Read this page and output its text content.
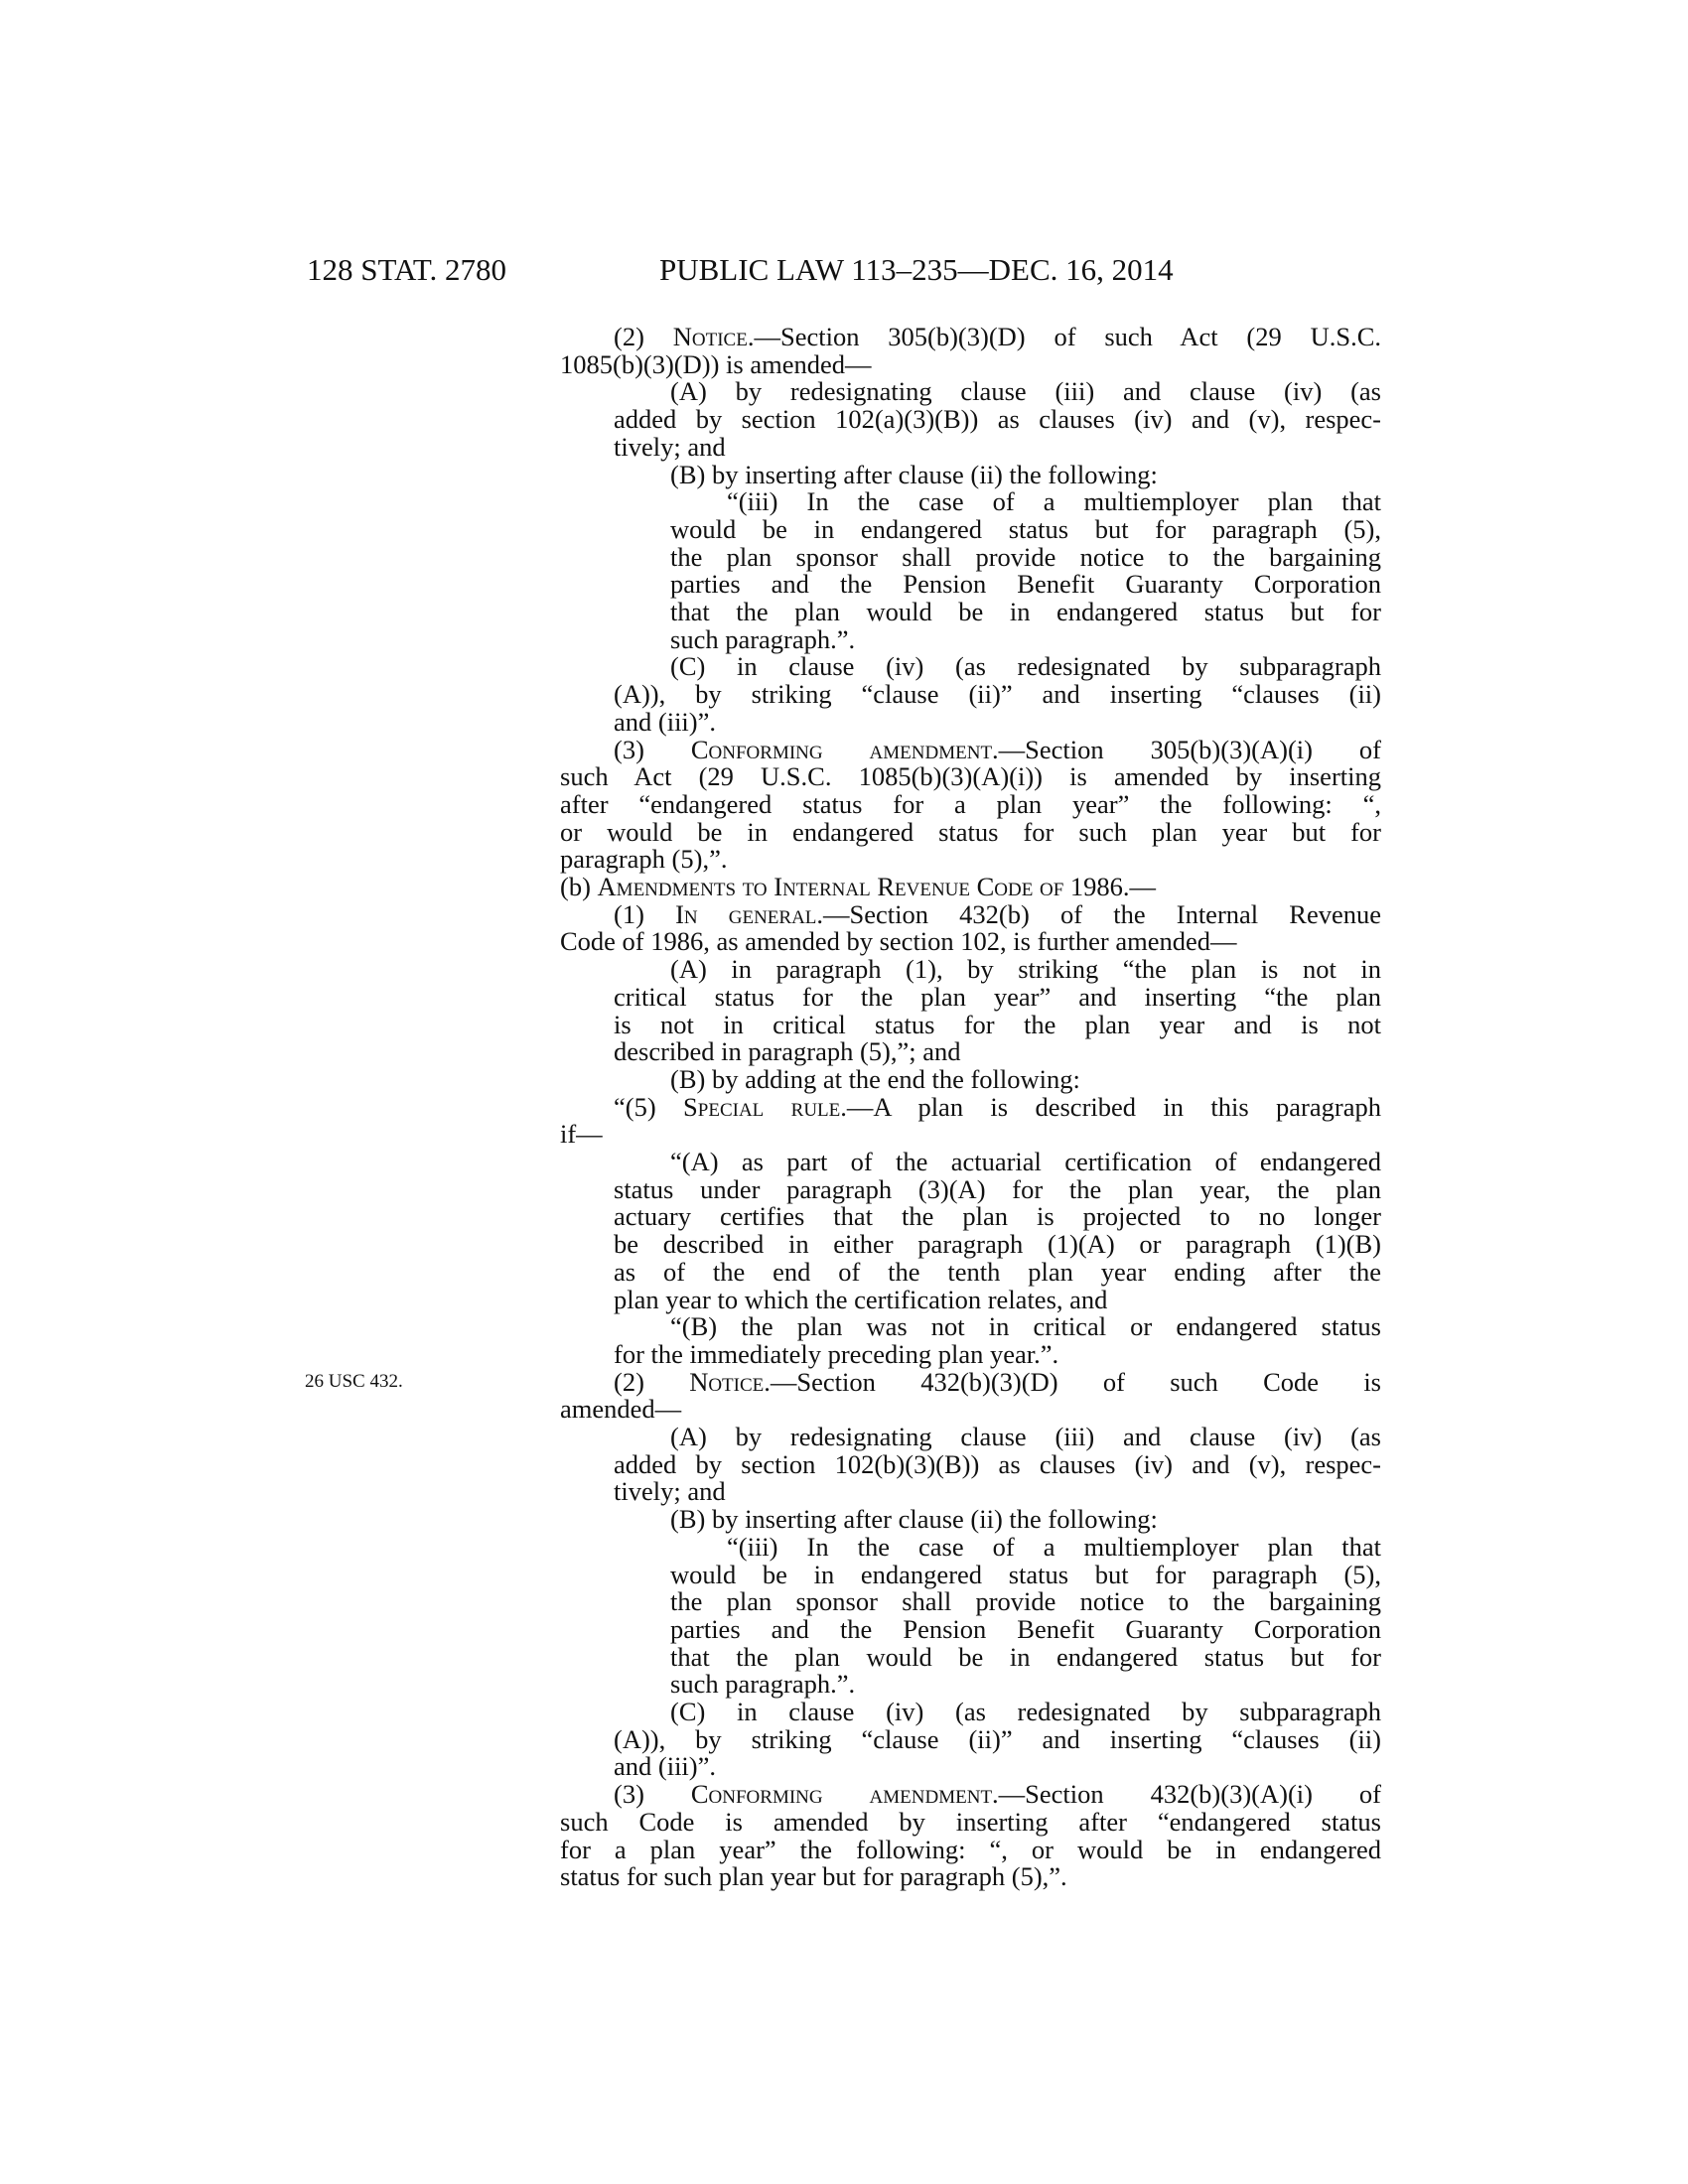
128 STAT. 2780	PUBLIC LAW 113–235—DEC. 16, 2014
(2) Notice.—Section 305(b)(3)(D) of such Act (29 U.S.C.
1085(b)(3)(D)) is amended—
(A) by redesignating clause (iii) and clause (iv) (as
added by section 102(a)(3)(B)) as clauses (iv) and (v), respec-
tively; and
(B) by inserting after clause (ii) the following:
“(iii) In the case of a multiemployer plan that
would be in endangered status but for paragraph (5),
the plan sponsor shall provide notice to the bargaining
parties and the Pension Benefit Guaranty Corporation
that the plan would be in endangered status but for
such paragraph.”.
(C) in clause (iv) (as redesignated by subparagraph
(A)), by striking “clause (ii)” and inserting “clauses (ii)
and (iii)”.
(3) Conforming amendment.—Section 305(b)(3)(A)(i) of
such Act (29 U.S.C. 1085(b)(3)(A)(i)) is amended by inserting
after “endangered status for a plan year” the following: “,
or would be in endangered status for such plan year but for
paragraph (5),”.
(b) Amendments to Internal Revenue Code of 1986.—
(1) In general.—Section 432(b) of the Internal Revenue
Code of 1986, as amended by section 102, is further amended—
(A) in paragraph (1), by striking “the plan is not in
critical status for the plan year” and inserting “the plan
is not in critical status for the plan year and is not
described in paragraph (5),”; and
(B) by adding at the end the following:
“(5) Special rule.—A plan is described in this paragraph
if—
“(A) as part of the actuarial certification of endangered
status under paragraph (3)(A) for the plan year, the plan
actuary certifies that the plan is projected to no longer
be described in either paragraph (1)(A) or paragraph (1)(B)
as of the end of the tenth plan year ending after the
plan year to which the certification relates, and
“(B) the plan was not in critical or endangered status
for the immediately preceding plan year.”.
(2) Notice.—Section 432(b)(3)(D) of such Code is
amended—
(A) by redesignating clause (iii) and clause (iv) (as
added by section 102(b)(3)(B)) as clauses (iv) and (v), respec-
tively; and
(B) by inserting after clause (ii) the following:
“(iii) In the case of a multiemployer plan that
would be in endangered status but for paragraph (5),
the plan sponsor shall provide notice to the bargaining
parties and the Pension Benefit Guaranty Corporation
that the plan would be in endangered status but for
such paragraph.”.
(C) in clause (iv) (as redesignated by subparagraph
(A)), by striking “clause (ii)” and inserting “clauses (ii)
and (iii)”.
(3) Conforming amendment.—Section 432(b)(3)(A)(i) of
such Code is amended by inserting after “endangered status
for a plan year” the following: “, or would be in endangered
status for such plan year but for paragraph (5),”.
26 USC 432.
